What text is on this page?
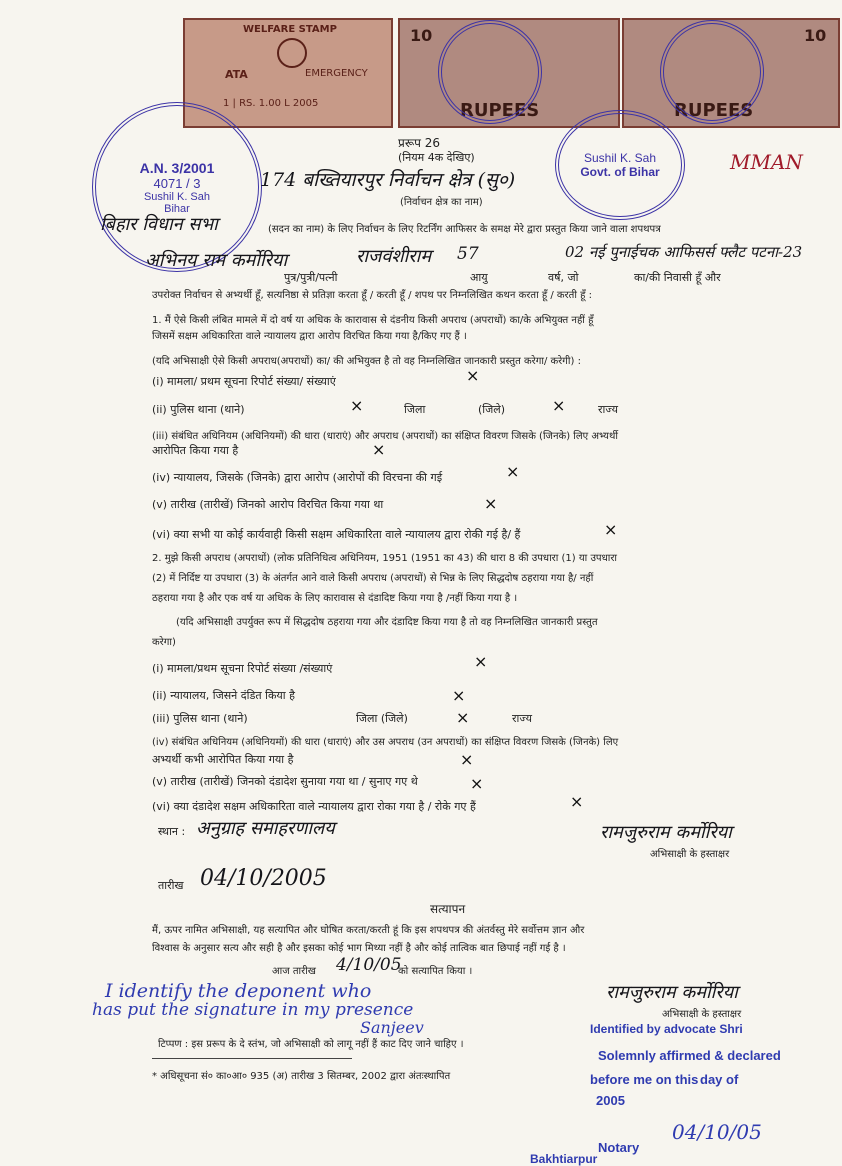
WELFARE STAMP
ATA	EMERGENCY
1 | RS. 1.00 L 2005
10
RUPEES
10
RUPEES
A.N. 3/2001
4071 / 3
Sushil K. Sah
Bihar
Sushil K. Sah
Govt. of Bihar
प्ररूप 26
(नियम 4क देखिए)
174 बख्तियारपुर निर्वाचन क्षेत्र (सु०)
MMAN
(निर्वाचन क्षेत्र का नाम)
बिहार विधान सभा	(सदन का नाम) के लिए निर्वाचन के लिए रिटर्निंग आफिसर के समक्ष मेरे द्वारा प्रस्तुत किया जाने वाला शपथपत्र
अभिनय राम कर्मोरिया	राजवंशीराम 57	02 नई पुनाईचक आफिसर्स फ्लैट पटना-23
पुत्र/पुत्री/पत्नी	आयु	वर्ष, जो	का/की निवासी हूँ और
उपरोक्त निर्वाचन से अभ्यर्थी हूँ, सत्यनिष्ठा से प्रतिज्ञा करता हूँ / करती हूँ / शपथ पर निम्नलिखित कथन करता हूँ / करती हूँ :
1. मैं ऐसे किसी लंबित मामले में दो वर्ष या अधिक के कारावास से दंडनीय किसी अपराध (अपराधों) का/के अभियुक्त नहीं हूँ
जिसमें सक्षम अधिकारिता वाले न्यायालय द्वारा आरोप विरचित किया गया है/किए गए हैं ।
(यदि अभिसाक्षी ऐसे किसी अपराध(अपराधों) का/ की अभियुक्त है तो वह निम्नलिखित जानकारी प्रस्तुत करेगा/ करेगी) :
(i) मामला/ प्रथम सूचना रिपोर्ट संख्या/ संख्याएं	×
(ii) पुलिस थाना (थाने)	×	जिला	(जिले)	×	राज्य
(iii) संबंधित अधिनियम (अधिनियमों) की धारा (धाराएं) और अपराध (अपराधों) का संक्षिप्त विवरण जिसके (जिनके) लिए अभ्यर्थी
आरोपित किया गया है	×
(iv) न्यायालय, जिसके (जिनके) द्वारा आरोप (आरोपों की विरचना की गई	×
(v) तारीख (तारीखें) जिनको आरोप विरचित किया गया था	×
(vi) क्या सभी या कोई कार्यवाही किसी सक्षम अधिकारिता वाले न्यायालय द्वारा रोकी गई है/ हैं	×
2. मुझे किसी अपराध (अपराधों) (लोक प्रतिनिधित्व अधिनियम, 1951 (1951 का 43) की धारा 8 की उपधारा (1) या उपधारा
(2) में निर्दिष्ट या उपधारा (3) के अंतर्गत आने वाले किसी अपराध (अपराधों) से भिन्न के लिए सिद्धदोष ठहराया गया है/ नहीं
ठहराया गया है और एक वर्ष या अधिक के लिए कारावास से दंडादिष्ट किया गया है /नहीं किया गया है ।
(यदि अभिसाक्षी उपर्युक्त रूप में सिद्धदोष ठहराया गया और दंडादिष्ट किया गया है तो वह निम्नलिखित जानकारी प्रस्तुत
करेगा)
(i) मामला/प्रथम सूचना रिपोर्ट संख्या /संख्याएं	×
(ii) न्यायालय, जिसने दंडित किया है	×
(iii) पुलिस थाना (थाने)	जिला (जिले)	×	राज्य
(iv) संबंधित अधिनियम (अधिनियमों) की धारा (धाराएं) और उस अपराध (उन अपराधों) का संक्षिप्त विवरण जिसके (जिनके) लिए
अभ्यर्थी कभी आरोपित किया गया है	×
(v) तारीख (तारीखें) जिनको दंडादेश सुनाया गया था / सुनाए गए थे	×
(vi) क्या दंडादेश सक्षम अधिकारिता वाले न्यायालय द्वारा रोका गया है / रोके गए हैं	×
स्थान : अनुग्राह समाहरणालय	रामजुरुराम कर्मोरिया
अभिसाक्षी के हस्ताक्षर
तारीख 04/10/2005
सत्यापन
मैं, ऊपर नामित अभिसाक्षी, यह सत्यापित और घोषित करता/करती हूं कि इस शपथपत्र की अंतर्वस्तु मेरे सर्वोत्तम ज्ञान और
विश्वास के अनुसार सत्य और सही है और इसका कोई भाग मिथ्या नहीं है और कोई तात्विक बात छिपाई नहीं गई है ।
आज तारीख 4/10/05
को सत्यापित किया ।
I identify the deponent who
has put the signature in my presence
Sanjeev
रामजुरुराम कर्मोरिया
अभिसाक्षी के हस्ताक्षर
टिप्पण : इस प्ररूप के दे स्तंभ, जो अभिसाक्षी को लागू नहीं हैं काट दिए जाने चाहिए ।
* अधिसूचना सं० का०आ० 935 (अ) तारीख 3 सितम्बर, 2002 द्वारा अंतःस्थापित
Identified by advocate Shri
Solemnly affirmed & declared
before me on this day of
2005
04/10/05
Notary
Bakhtiarpur
